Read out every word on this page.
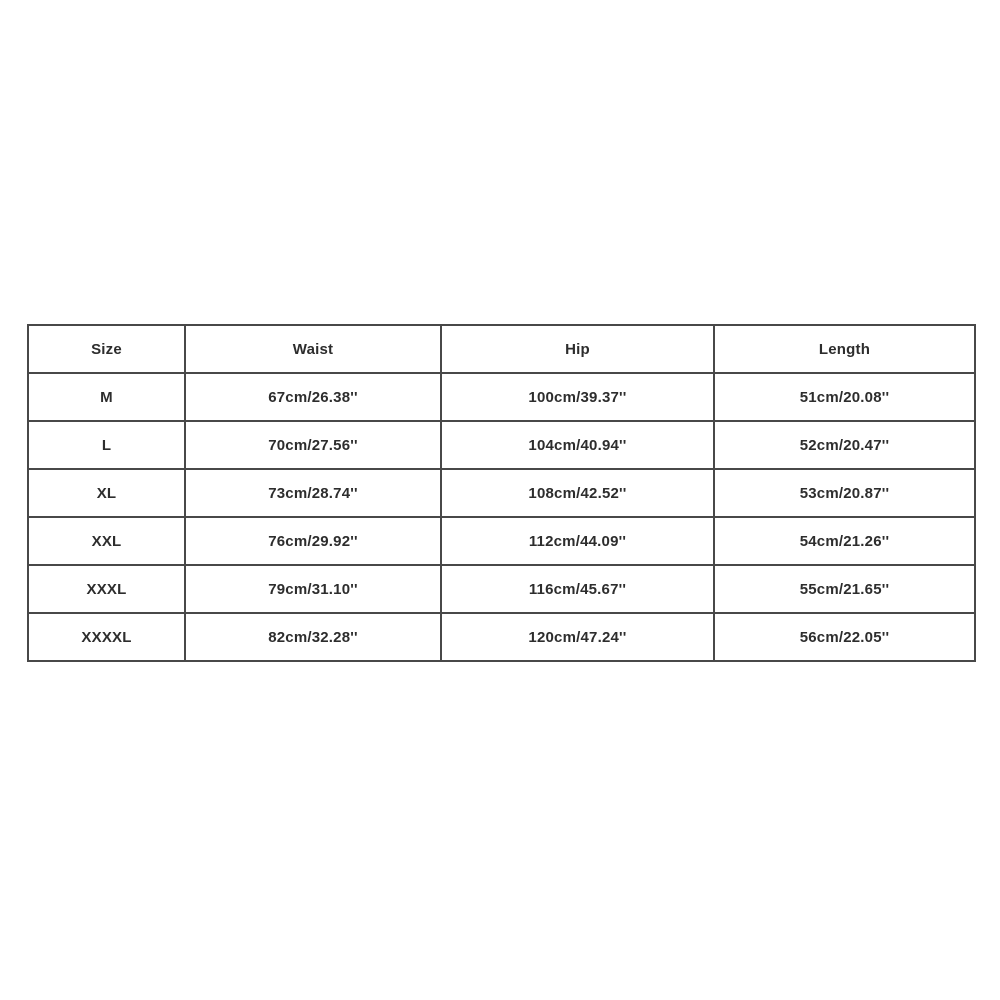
Size	Waist	Hip	Length
M	67cm/26.38''	100cm/39.37''	51cm/20.08''
L	70cm/27.56''	104cm/40.94''	52cm/20.47''
XL	73cm/28.74''	108cm/42.52''	53cm/20.87''
XXL	76cm/29.92''	112cm/44.09''	54cm/21.26''
XXXL	79cm/31.10''	116cm/45.67''	55cm/21.65''
XXXXL	82cm/32.28''	120cm/47.24''	56cm/22.05''
